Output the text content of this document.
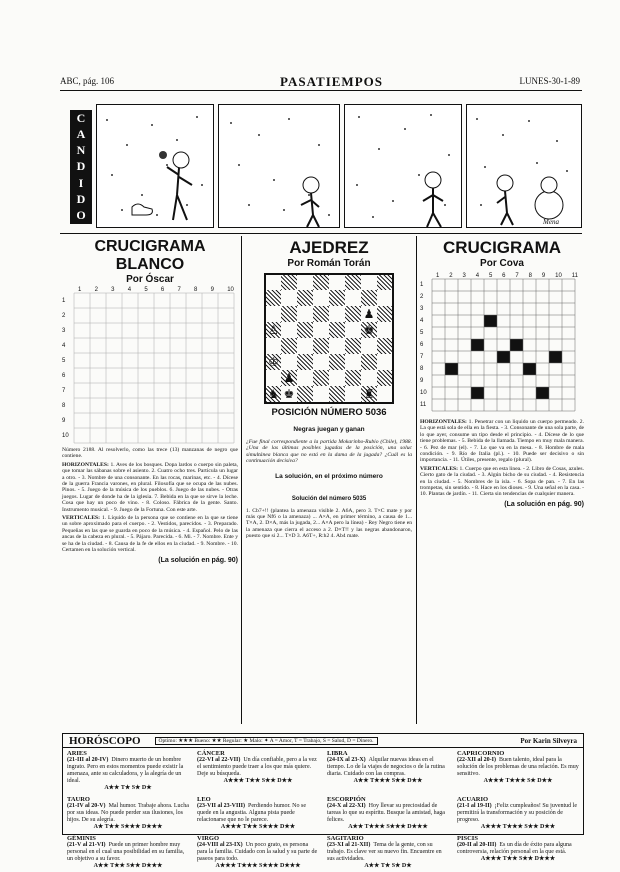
ABC, pág. 106	PASATIEMPOS	LUNES-30-1-89
C
A
N
D
I
D
O	Mena
CRUCIGRAMA BLANCO
Por Óscar
1 2 3 4 5 6 7 8 9 10
1
2
3
4
5
6
7
8
9
10
Número 2188. Al resolverlo, como las trece (13) manzanas de negro que contiene.
HORIZONTALES: 1. Aves de los bosques. Dopa lardos o cuerpo sin paleta, que tomar las sábanas sobre el asiento. 2. Cuatro ocho tres. Partícula un lugar a otro. - 3. Nombre de una consonante. En las rocas, marinas, etc. - 4. Dícese de la guerra Francia varones, en plural. Filosofía que se ocupa de las nubes. Pinos. - 5. Juego de la música de los pueblos. 6. Juego de las nubes. - Otras juegos. Lugar de donde ha de la iglesia. 7. Bebida en la que se sirve la leche. Cosa que hay un poco de vino. - 8. Coloso. Fábrica de la gente. Santo. Instrumento musical. - 9. Juego de la Fortuna. Con este arte.
VERTICALES: 1. Líquido de la persona que se contiene en la que se tiene un sobre aproximado para el cuerpo. - 2. Vestidos, parecidos. - 3. Preparado. Pequeñas en las que se guarda en poco de la música. - 4. Español. Pelo de las ancas de la cabeza en plural. - 5. Pájaro. Parecida. - 6. Mi. - 7. Nombre. Ente y se ha de la ciudad. - 8. Causa de la fe de ellos en la ciudad. - 9. Nombre. - 10. Certamen en la solución vertical.
(La solución en pág. 90)
AJEDREZ
Por Román Torán

						♟	
♙						♚	

♔							
	♟						
♞	♚					♜	
POSICIÓN NÚMERO 5036
Negras juegan y ganan
¿Fue final correspondiente a la partida Mokarinho-Rubio (Chile), 1988. ¿Una de las últimas posibles jugadas de la posición, una soluc simultánea blanca que no está en la dama de la jugada? ¿Cuál es la continuación decisiva?
La solución, en el próximo número
Solución del número 5035
1. Cb7+!! (plantea la amenaza visible 2. A6A, pero 3. T×C mate y por más que Nf6 o la amenaza) ... A×A, en primer término, a causa de 1... T×A, 2. D×A, más la jugada, 2... A×A pero la línea) - Rey Negro tiene en la amenaza que cierra el acceso a 2. D×T!! y las negras abandonaron, puesto que si 2... T×D 3. A6T+, R:h2 4. Ab4 mate.
CRUCIGRAMA
Por Cova
1 2 3 4 5 6 7 8 9 10 11
1
2
3
4
5
6
7
8
9
10
11
HORIZONTALES: 1. Penetrar con un liquido un cuerpo permeado. 2. La que está sola de ella en la fiesta. - 3. Consonante de una sola parte, de lo que ayer, consume un tipo desde el principio. - 4. Dícese de lo que tiene problemas. - 5. Bebida de la llamada. Tiempo en muy mala manera. - 6. Pez de mar (el). - 7. Lo que va en la mesa. - 8. Hombre de mala condición. - 9. Río de Italia (pl.). - 10. Puede ser decisivo o sin importancia. - 11. Útiles, presente, regalo (plural).
VERTICALES: 1. Cuerpo que en esta linea. - 2. Libro de Cosas, azules. Cierto gato de la ciudad. - 3. Algún bicho de su ciudad. - 4. Resistencia en la ciudad. - 5. Nombres de la isla. - 6. Sopa de pan. - 7. En las trompetas, sin sentido. - 8. Hace en los dioses. - 9. Una señal en la casa. - 10. Plantas de jardín. - 11. Cierta sin tendencias de cualquier manera.
(La solución en pág. 90)
HORÓSCOPO	Óptimo: ★★★ Bueno: ★★ Regular: ★ Malo: ✦ A = Amor, T = Trabajo, S = Salud, D = Dinero.	Por Karin Silveyra
ARIES
(21-III al 20-IV) Dinero muerto de un hombre ingrato. Pero en estos momentos puede existir la amenaza, ante su calculadora, y la alegría de un ideal.
A★★ T★ S★ D★
CÁNCER
(22-VI al 22-VII) Un día confiable, pero a la vez el sentimiento puede traer a los que más quiere. Deje su búsqueda.
A★★★ T★★ S★★ D★★
LIBRA
(24-IX al 23-X) Alquilar nuevas ideas en el tiempo. Lo de la viajes de negocios o de la rutina diaria. Cuidado con las compras.
A★★ T★★★ S★★ D★★
CAPRICORNIO
(22-XII al 20-I) Buen talento, ideal para la solución de los problemas de una relación. Es muy sensitivo.
A★★★ T★★★ S★ D★★
TAURO
(21-IV al 20-V) Mal humor. Trabaje ahora. Lucha por sus ideas. No puede perder sus ilusiones, los hijos. De su alegría.
A★ T★★ S★★★ D★★★
LEO
(23-VII al 23-VIII) Perdiendo humor. No se quede en la angustia. Alguna pista puede relacionarse que no le parece.
A★★★ T★★ S★★★ D★★
ESCORPIÓN
(24-X al 22-XI) Hoy llevar su preciosidad de tareas lo que su espíritu. Busque la amistad, haga felices.
A★★ T★★★ S★★★ D★★★
ACUARIO
(21-I al 19-II) ¡Feliz cumpleaños! Su juventud le permitirá la transformación y su posición de progreso.
A★★★ T★★★ S★★ D★★
GÉMINIS
(21-V al 21-VI) Puede un primer hombre muy personal en el cual una posibilidad en su familia, un objetivo a su favor.
A★★ T★★ S★★ D★★★
VIRGO
(24-VIII al 23-IX) Un poco grato, es persona para la familia. Cuidado con la salud y su parte de paseos para todo.
A★★★ T★★★ S★★★ D★★★
SAGITARIO
(23-XI al 21-XII) Tema de la gente, con su trabajo. Es clave ver su nuevo fin. Encuentre en sus actividades.
A★★ T★ S★ D★
PISCIS
(20-II al 20-III) Es un día de éxito para alguna controversia, relación personal en la que está.
A★★★ T★★ S★★ D★★★
